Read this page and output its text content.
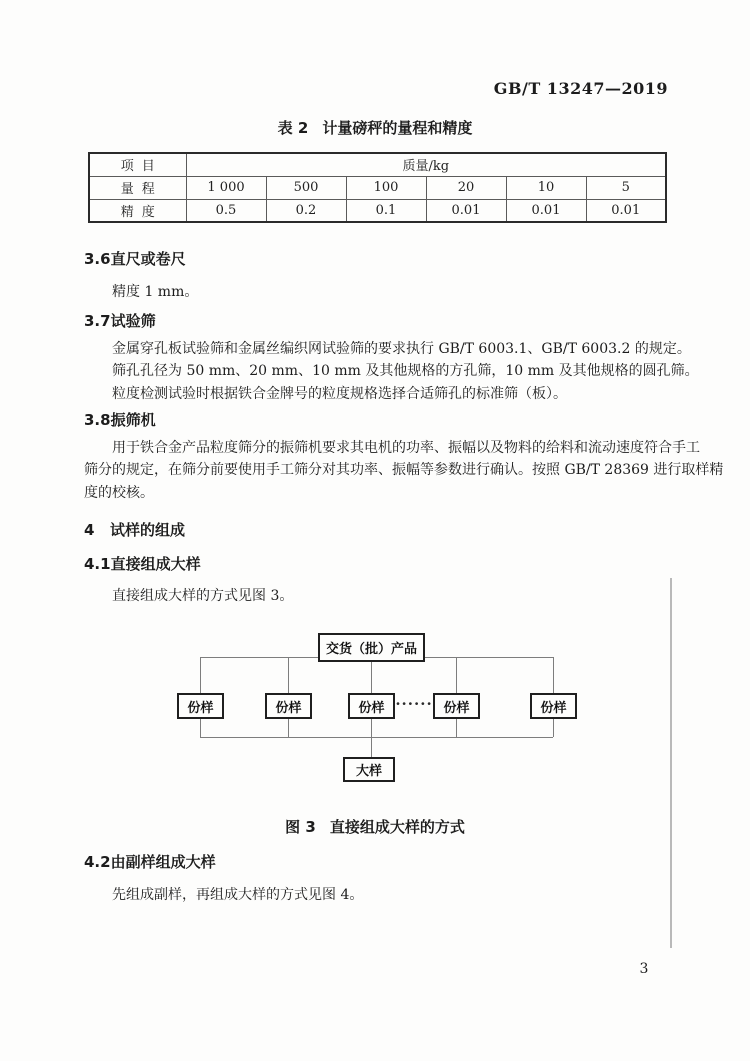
GB/T 13247—2019
表 2 计量磅秤的量程和精度
项目	质量/kg					
量程	1 000	500	100	20	10	5
精度	0.5	0.2	0.1	0.01	0.01	0.01
3.6直尺或卷尺
精度 1 mm。
3.7试验筛
金属穿孔板试验筛和金属丝编织网试验筛的要求执行 GB/T 6003.1、GB/T 6003.2 的规定。
筛孔孔径为 50 mm、20 mm、10 mm 及其他规格的方孔筛，10 mm 及其他规格的圆孔筛。
粒度检测试验时根据铁合金牌号的粒度规格选择合适筛孔的标准筛（板）。
3.8振筛机
用于铁合金产品粒度筛分的振筛机要求其电机的功率、振幅以及物料的给料和流动速度符合手工
筛分的规定，在筛分前要使用手工筛分对其功率、振幅等参数进行确认。按照 GB/T 28369 进行取样精
度的校核。
4 试样的组成
4.1直接组成大样
直接组成大样的方式见图 3。
交货（批）产品
份样	份样	份样 ······ 份样	份样
大样
图 3 直接组成大样的方式
4.2由副样组成大样
先组成副样，再组成大样的方式见图 4。
3
